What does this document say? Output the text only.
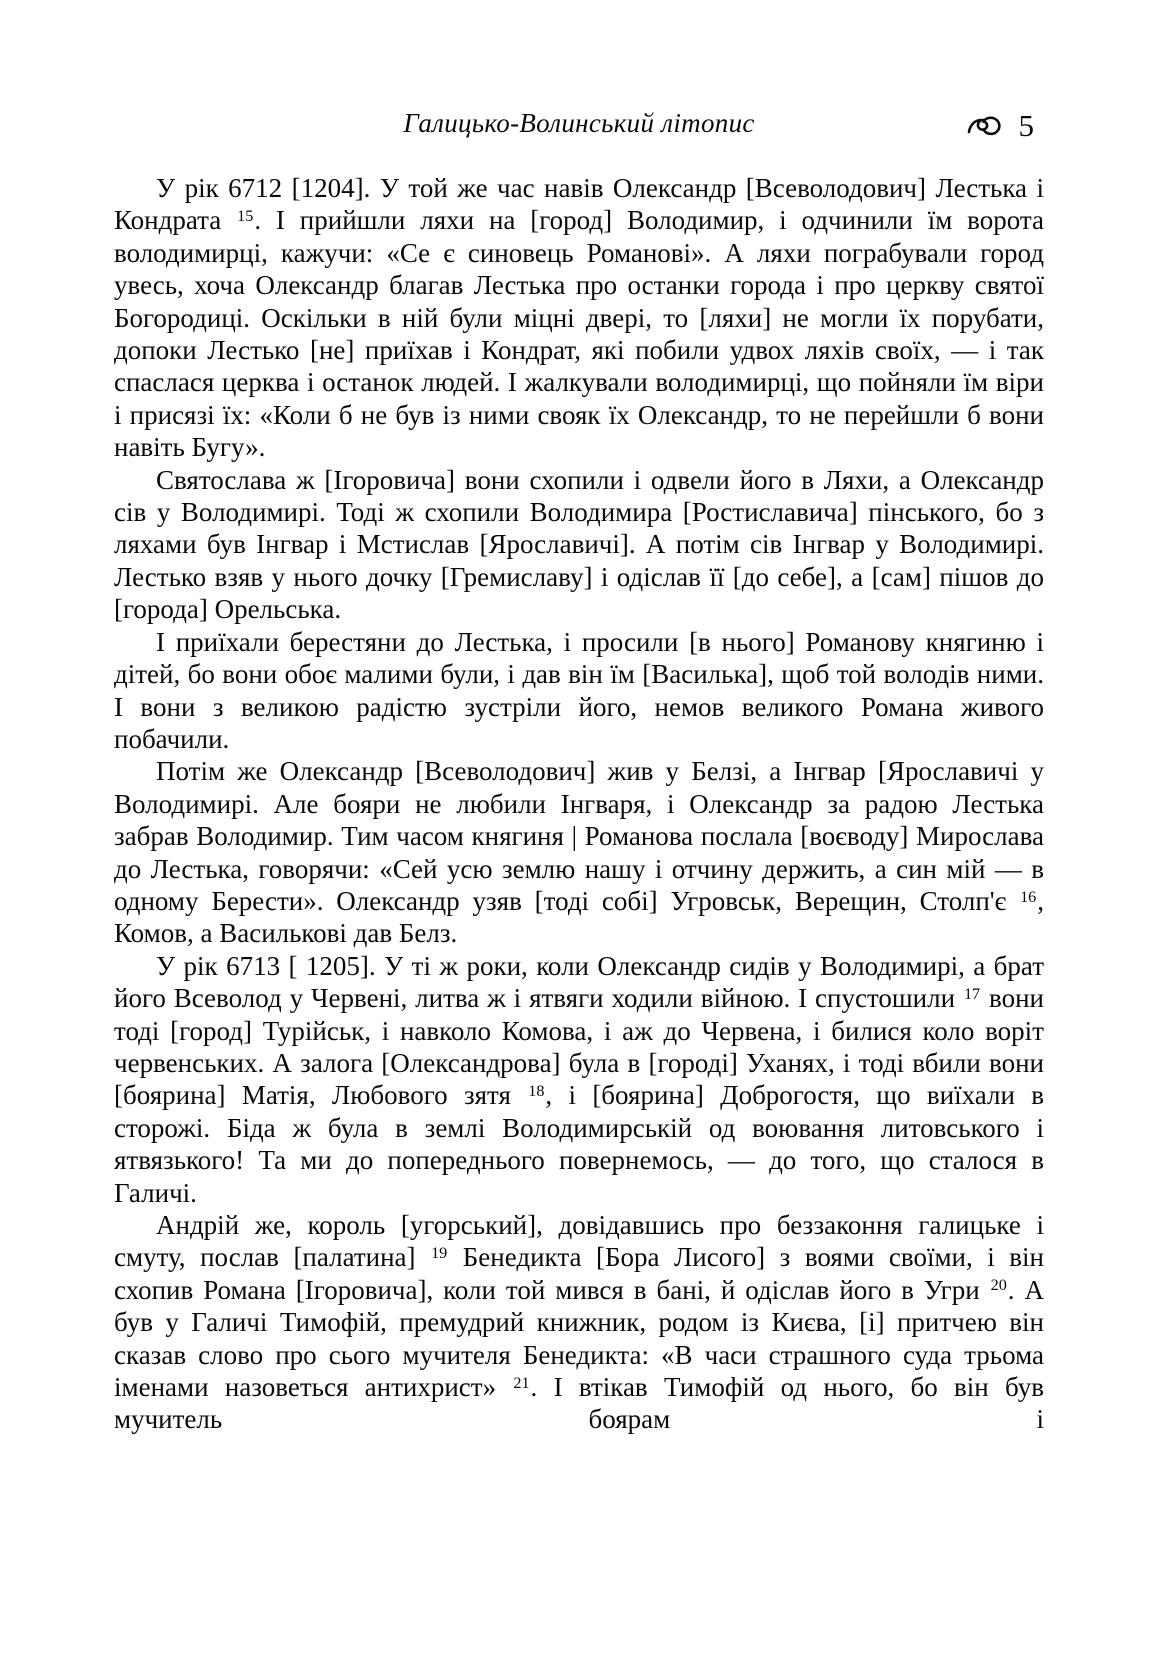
Галицько-Волинський літопис	5

У рік 6712 [1204]. У той же час навів Олександр [Всеволодович] Лестька і Кондрата $^{15}$. І прийшли ляхи на [город] Володимир, і одчинили їм ворота володимирці, кажучи: «Се є синовець Романові». А ляхи пограбували город увесь, хоча Олександр благав Лестька про останки города і про церкву святої Богородиці. Оскільки в ній були міцні двері, то [ляхи] не могли їх порубати, допоки Лестько [не] приїхав і Кондрат, які побили удвох ляхів своїх, — і так спаслася церква і останок людей. І жалкували володимирці, що пойняли їм віри і присязі їх: «Коли б не був із ними свояк їх Олександр, то не перейшли б вони навіть Бугу».

Святослава ж [Ігоровича] вони схопили і одвели його в Ляхи, а Олександр сів у Володимирі. Тоді ж схопили Володимира [Ростиславича] пінського, бо з ляхами був Інгвар і Мстислав [Ярославичі]. А потім сів Інгвар у Володимирі. Лестько взяв у нього дочку [Гремиславу] і одіслав її [до себе], а [сам] пішов до [города] Орельська.

І приїхали берестяни до Лестька, і просили [в нього] Романову княгиню і дітей, бо вони обоє малими були, і дав він їм [Василька], щоб той володів ними. І вони з великою радістю зустріли його, немов великого Романа живого побачили.

Потім же Олександр [Всеволодович] жив у Белзі, а Інгвар [Ярославичі у Володимирі. Але бояри не любили Інгваря, і Олександр за радою Лестька забрав Володимир. Тим часом княгиня | Романова послала [воєводу] Мирослава до Лестька, говорячи: «Сей усю землю нашу і отчину держить, а син мій — в одному Берести». Олександр узяв [тоді собі] Угровськ, Верещин, Столп'є $^{16}$, Комов, а Василькові дав Белз.

У рік 6713 [ 1205]. У ті ж роки, коли Олександр сидів у Володимирі, а брат його Всеволод у Червені, литва ж і ятвяги ходили війною. І спустошили $^{17}$ вони тоді [город] Турійськ, і навколо Комова, і аж до Червена, і билися коло воріт червенських. А залога [Олександрова] була в [городі] Уханях, і тоді вбили вони [боярина] Матія, Любового зятя $^{18}$, і [боярина] Доброгостя, що виїхали в сторожі. Біда ж була в землі Володимирській од воювання литовського і ятвязького! Та ми до попереднього повернемось, — до того, що сталося в Галичі.

Андрій же, король [угорський], довідавшись про беззаконня галицьке і смуту, послав [палатина] $^{19}$ Бенедикта [Бора Лисого] з воями своїми, і він схопив Романа [Ігоровича], коли той мився в бані, й одіслав його в Угри $^{20}$. А був у Галичі Тимофій, премудрий книжник, родом із Києва, [і] притчею він сказав слово про сього мучителя Бенедикта: «В часи страшного суда трьома іменами назоветься антихрист» $^{21}$. І втікав Тимофій од нього, бо він був мучитель боярам і
